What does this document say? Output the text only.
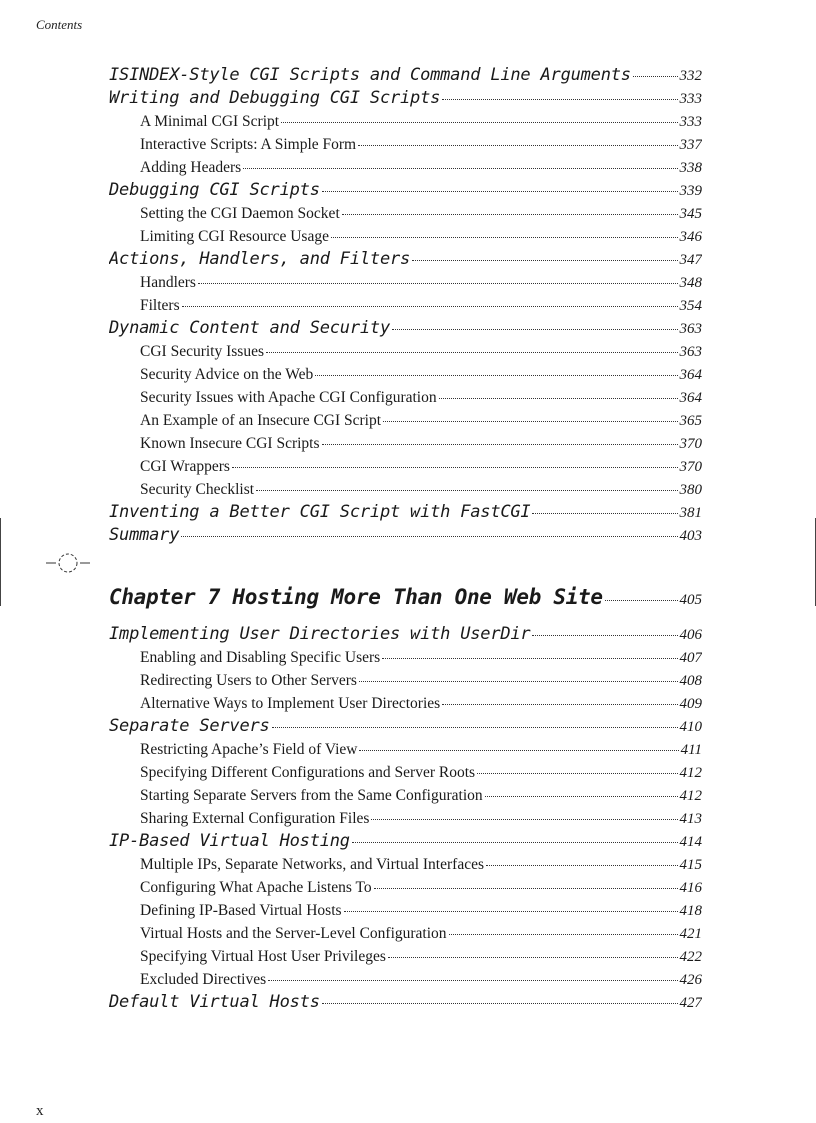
Contents
ISINDEX-Style CGI Scripts and Command Line Arguments	332
Writing and Debugging CGI Scripts	333
A Minimal CGI Script	333
Interactive Scripts: A Simple Form	337
Adding Headers	338
Debugging CGI Scripts	339
Setting the CGI Daemon Socket	345
Limiting CGI Resource Usage	346
Actions, Handlers, and Filters	347
Handlers	348
Filters	354
Dynamic Content and Security	363
CGI Security Issues	363
Security Advice on the Web	364
Security Issues with Apache CGI Configuration	364
An Example of an Insecure CGI Script	365
Known Insecure CGI Scripts	370
CGI Wrappers	370
Security Checklist	380
Inventing a Better CGI Script with FastCGI	381
Summary	403
Chapter 7 Hosting More Than One Web Site	405
Implementing User Directories with UserDir	406
Enabling and Disabling Specific Users	407
Redirecting Users to Other Servers	408
Alternative Ways to Implement User Directories	409
Separate Servers	410
Restricting Apache’s Field of View	411
Specifying Different Configurations and Server Roots	412
Starting Separate Servers from the Same Configuration	412
Sharing External Configuration Files	413
IP-Based Virtual Hosting	414
Multiple IPs, Separate Networks, and Virtual Interfaces	415
Configuring What Apache Listens To	416
Defining IP-Based Virtual Hosts	418
Virtual Hosts and the Server-Level Configuration	421
Specifying Virtual Host User Privileges	422
Excluded Directives	426
Default Virtual Hosts	427
x
